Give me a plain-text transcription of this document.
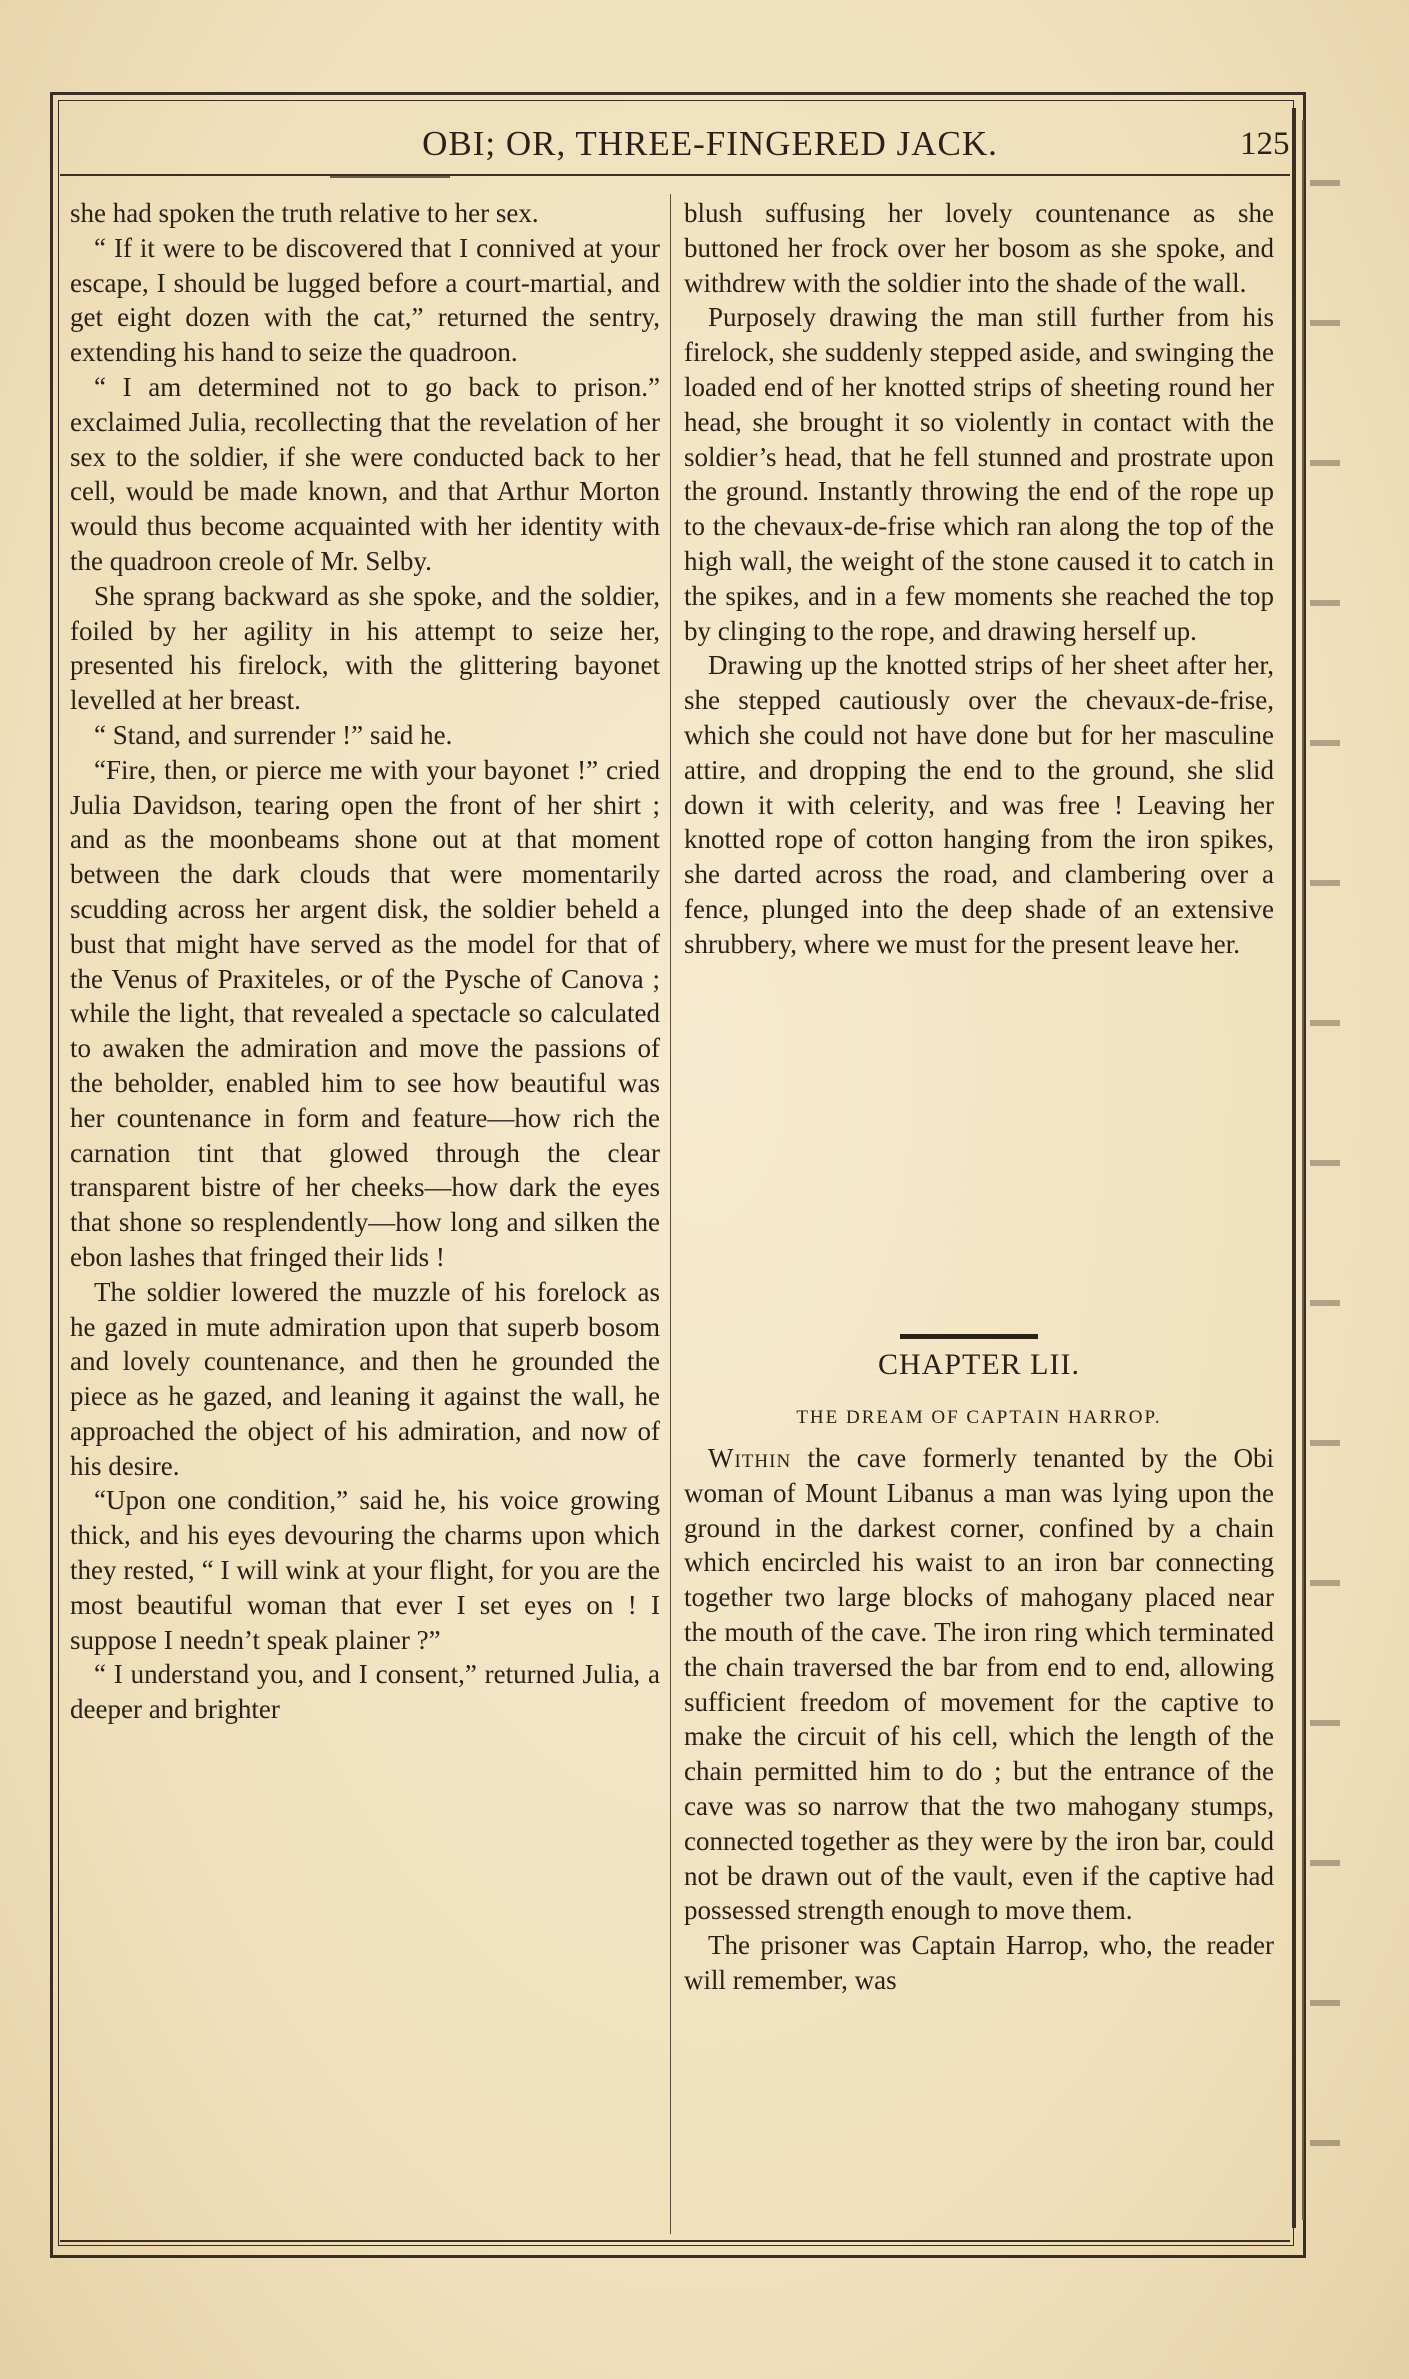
OBI; OR, THREE-FINGERED JACK.	125

she had spoken the truth relative to her sex.

“ If it were to be discovered that I connived at your escape, I should be lugged before a court-martial, and get eight dozen with the cat,” returned the sentry, extending his hand to seize the quadroon.

“ I am determined not to go back to prison.” exclaimed Julia, recollecting that the revelation of her sex to the soldier, if she were conducted back to her cell, would be made known, and that Arthur Morton would thus become acquainted with her identity with the quadroon creole of Mr. Selby.

She sprang backward as she spoke, and the soldier, foiled by her agility in his attempt to seize her, presented his firelock, with the glittering bayonet levelled at her breast.

“ Stand, and surrender !” said he.

“Fire, then, or pierce me with your bayonet !” cried Julia Davidson, tearing open the front of her shirt ; and as the moonbeams shone out at that moment between the dark clouds that were momentarily scudding across her argent disk, the soldier beheld a bust that might have served as the model for that of the Venus of Praxiteles, or of the Pysche of Canova ; while the light, that revealed a spectacle so calculated to awaken the admiration and move the passions of the beholder, enabled him to see how beautiful was her countenance in form and feature—how rich the carnation tint that glowed through the clear transparent bistre of her cheeks—how dark the eyes that shone so resplendently—how long and silken the ebon lashes that fringed their lids !

The soldier lowered the muzzle of his forelock as he gazed in mute admiration upon that superb bosom and lovely countenance, and then he grounded the piece as he gazed, and leaning it against the wall, he approached the object of his admiration, and now of his desire.

“Upon one condition,” said he, his voice growing thick, and his eyes devouring the charms upon which they rested, “ I will wink at your flight, for you are the most beautiful woman that ever I set eyes on ! I suppose I needn’t speak plainer ?”

“ I understand you, and I consent,” returned Julia, a deeper and brighter

blush suffusing her lovely countenance as she buttoned her frock over her bosom as she spoke, and withdrew with the soldier into the shade of the wall.

Purposely drawing the man still further from his firelock, she suddenly stepped aside, and swinging the loaded end of her knotted strips of sheeting round her head, she brought it so violently in contact with the soldier’s head, that he fell stunned and prostrate upon the ground. Instantly throwing the end of the rope up to the chevaux-de-frise which ran along the top of the high wall, the weight of the stone caused it to catch in the spikes, and in a few moments she reached the top by clinging to the rope, and drawing herself up.

Drawing up the knotted strips of her sheet after her, she stepped cautiously over the chevaux-de-frise, which she could not have done but for her masculine attire, and dropping the end to the ground, she slid down it with celerity, and was free ! Leaving her knotted rope of cotton hanging from the iron spikes, she darted across the road, and clambering over a fence, plunged into the deep shade of an extensive shrubbery, where we must for the present leave her.

CHAPTER LII.
THE DREAM OF CAPTAIN HARROP.

Within the cave formerly tenanted by the Obi woman of Mount Libanus a man was lying upon the ground in the darkest corner, confined by a chain which encircled his waist to an iron bar connecting together two large blocks of mahogany placed near the mouth of the cave. The iron ring which terminated the chain traversed the bar from end to end, allowing sufficient freedom of movement for the captive to make the circuit of his cell, which the length of the chain permitted him to do ; but the entrance of the cave was so narrow that the two mahogany stumps, connected together as they were by the iron bar, could not be drawn out of the vault, even if the captive had possessed strength enough to move them.

The prisoner was Captain Harrop, who, the reader will remember, was
